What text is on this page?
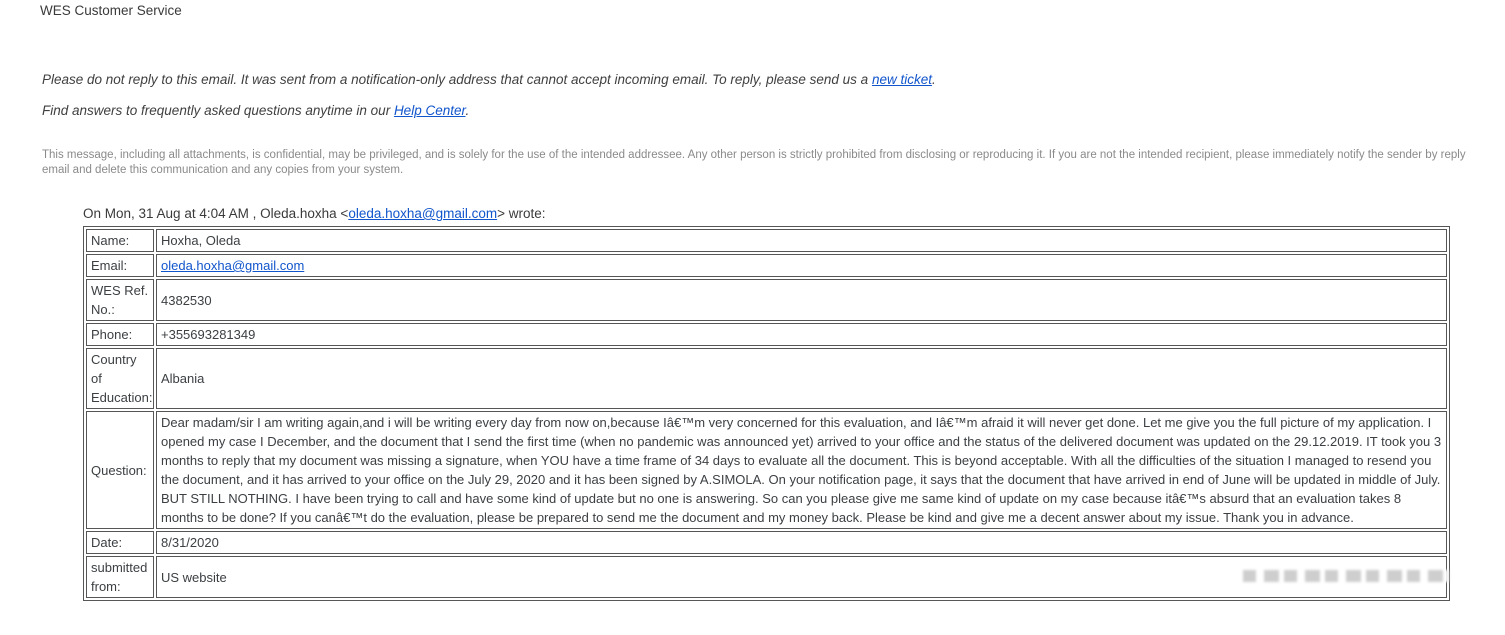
WES Customer Service

Please do not reply to this email. It was sent from a notification-only address that cannot accept incoming email. To reply, please send us a new ticket.

Find answers to frequently asked questions anytime in our Help Center.

This message, including all attachments, is confidential, may be privileged, and is solely for the use of the intended addressee. Any other person is strictly prohibited from disclosing or reproducing it. If you are not the intended recipient, please immediately notify the sender by reply email and delete this communication and any copies from your system.

On Mon, 31 Aug at 4:04 AM , Oleda.hoxha <oleda.hoxha@gmail.com> wrote:

Name:	Hoxha, Oleda
Email:	oleda.hoxha@gmail.com
WES Ref. No.:	4382530
Phone:	+355693281349
Country of Education:	Albania
Question:	Dear madam/sir I am writing again,and i will be writing every day from now on,because Iâ€™m very concerned for this evaluation, and Iâ€™m afraid it will never get done. Let me give you the full picture of my application. I opened my case I December, and the document that I send the first time (when no pandemic was announced yet) arrived to your office and the status of the delivered document was updated on the 29.12.2019. IT took you 3 months to reply that my document was missing a signature, when YOU have a time frame of 34 days to evaluate all the document. This is beyond acceptable. With all the difficulties of the situation I managed to resend you the document, and it has arrived to your office on the July 29, 2020 and it has been signed by A.SIMOLA. On your notification page, it says that the document that have arrived in end of June will be updated in middle of July. BUT STILL NOTHING. I have been trying to call and have some kind of update but no one is answering. So can you please give me same kind of update on my case because itâ€™s absurd that an evaluation takes 8 months to be done? If you canâ€™t do the evaluation, please be prepared to send me the document and my money back. Please be kind and give me a decent answer about my issue. Thank you in advance.
Date:	8/31/2020
submitted from:	US website
